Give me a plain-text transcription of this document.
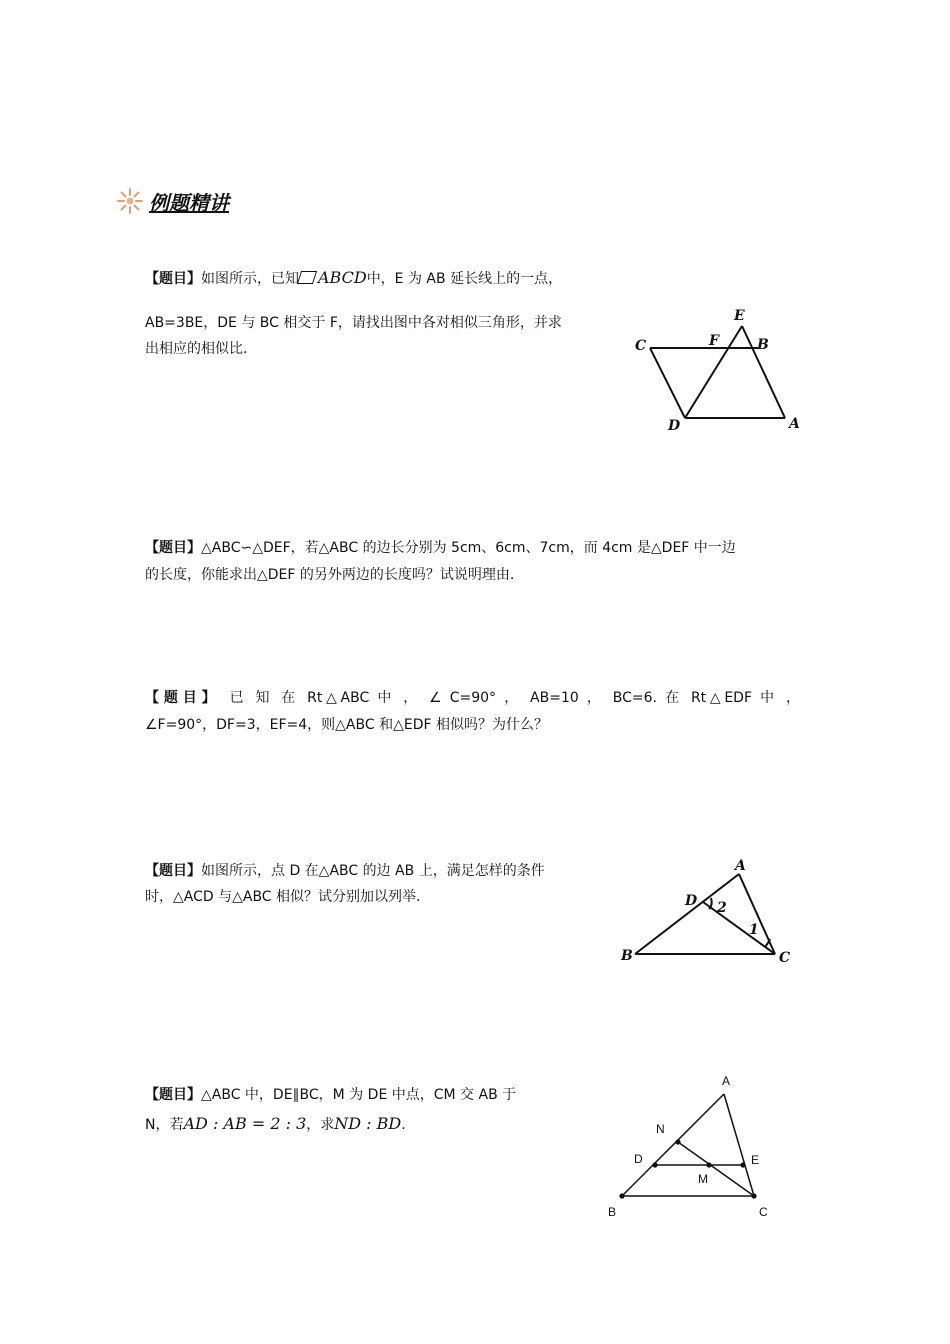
例题精讲
【题目】如图所示，已知 ABCD中，E 为 AB 延长线上的一点，
AB=3BE，DE 与 BC 相交于 F，请找出图中各对相似三角形，并求
出相应的相似比.
E
C	F	B
D	A
【题目】△ABC∽△DEF，若△ABC 的边长分别为 5cm、6cm、7cm，而 4cm 是△DEF 中一边
的长度，你能求出△DEF 的另外两边的长度吗？试说明理由.
【 题 目 】 已 知 在 Rt△ABC 中 ， ∠ C=90° ， AB=10 ， BC=6. 在 Rt△EDF 中 ，
∠F=90°，DF=3，EF=4，则△ABC 和△EDF 相似吗？为什么？
【题目】如图所示，点 D 在△ABC 的边 AB 上，满足怎样的条件
时，△ACD 与△ABC 相似？试分别加以列举.
A
D 2
1
B	C
【题目】△ABC 中，DE∥BC，M 为 DE 中点，CM 交 AB 于
N，若AD : AB = 2 : 3，求ND : BD.
A
N
D	E
M
B	C
